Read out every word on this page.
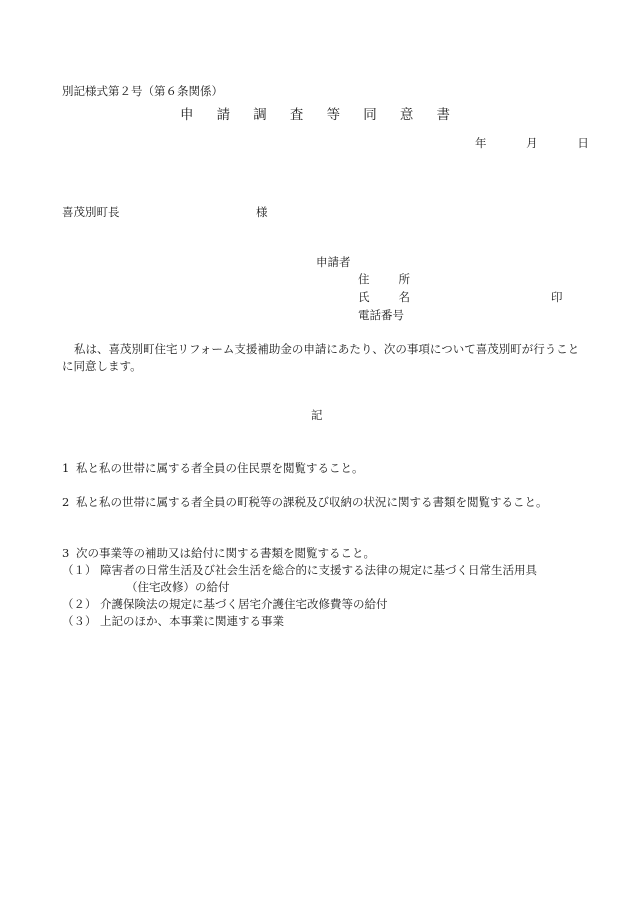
別記様式第２号（第６条関係）
申 請 調 査 等 同 意 書
年	月	日
喜茂別町長	様
申請者
住	所
氏	名
電話番号
印
私は、喜茂別町住宅リフォーム支援補助金の申請にあたり、次の事項について喜茂別町が行うことに同意します。
記
1 私と私の世帯に属する者全員の住民票を閲覧すること。
2 私と私の世帯に属する者全員の町税等の課税及び収納の状況に関する書類を閲覧すること。
3 次の事業等の補助又は給付に関する書類を閲覧すること。
（１） 障害者の日常生活及び社会生活を総合的に支援する法律の規定に基づく日常生活用具
（住宅改修）の給付
（２） 介護保険法の規定に基づく居宅介護住宅改修費等の給付
（３） 上記のほか、本事業に関連する事業
